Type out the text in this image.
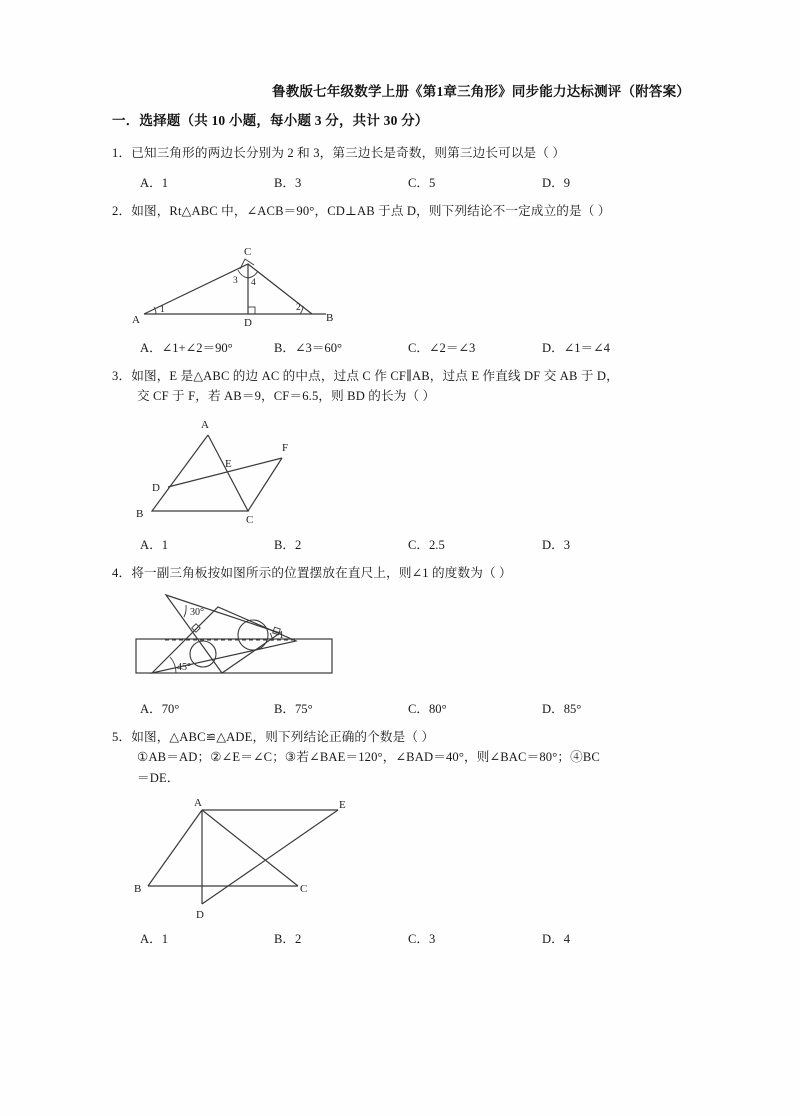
鲁教版七年级数学上册《第1章三角形》同步能力达标测评（附答案）
一．选择题（共 10 小题，每小题 3 分，共计 30 分）
1．已知三角形的两边长分别为 2 和 3，第三边长是奇数，则第三边长可以是（ ）
A．1	B．3	C．5	D．9
2．如图，Rt△ABC 中，∠ACB＝90°，CD⊥AB 于点 D，则下列结论不一定成立的是（ ）
C
A	D	B
1	2
3 4
A．∠1+∠2＝90°	B．∠3＝60°	C．∠2＝∠3	D．∠1＝∠4
3．如图，E 是△ABC 的边 AC 的中点，过点 C 作 CF∥AB，过点 E 作直线 DF 交 AB 于 D，
交 CF 于 F，若 AB＝9，CF＝6.5，则 BD 的长为（ ）
A
E
F
D
B	C
A．1	B．2	C．2.5	D．3
4．将一副三角板按如图所示的位置摆放在直尺上，则∠1 的度数为（ ）
30°
45°
1
A．70°	B．75°	C．80°	D．85°
5．如图，△ABC≌△ADE，则下列结论正确的个数是（ ）
①AB＝AD；②∠E＝∠C；③若∠BAE＝120°，∠BAD＝40°，则∠BAC＝80°；④BC
＝DE．
A	E
B	C
D
A．1	B．2	C．3	D．4
